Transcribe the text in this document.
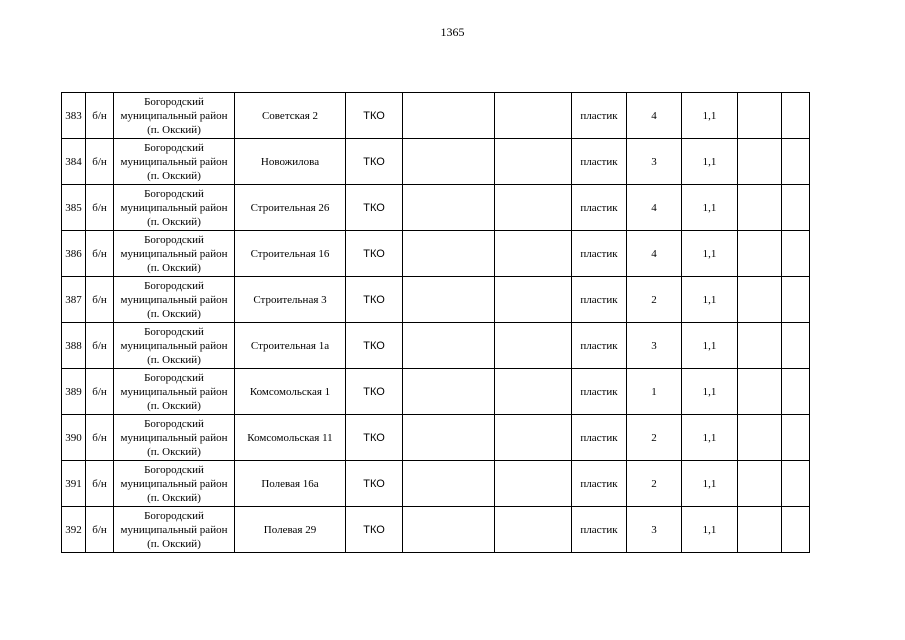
1365
383	б/н	Богородский
муниципальный район
(п. Окский)	Советская 2	ТКО			пластик	4	1,1		
384	б/н	Богородский
муниципальный район
(п. Окский)	Новожилова	ТКО			пластик	3	1,1		
385	б/н	Богородский
муниципальный район
(п. Окский)	Строительная 26	ТКО			пластик	4	1,1		
386	б/н	Богородский
муниципальный район
(п. Окский)	Строительная 16	ТКО			пластик	4	1,1		
387	б/н	Богородский
муниципальный район
(п. Окский)	Строительная 3	ТКО			пластик	2	1,1		
388	б/н	Богородский
муниципальный район
(п. Окский)	Строительная 1а	ТКО			пластик	3	1,1		
389	б/н	Богородский
муниципальный район
(п. Окский)	Комсомольская 1	ТКО			пластик	1	1,1		
390	б/н	Богородский
муниципальный район
(п. Окский)	Комсомольская 11	ТКО			пластик	2	1,1		
391	б/н	Богородский
муниципальный район
(п. Окский)	Полевая 16а	ТКО			пластик	2	1,1		
392	б/н	Богородский
муниципальный район
(п. Окский)	Полевая 29	ТКО			пластик	3	1,1		
